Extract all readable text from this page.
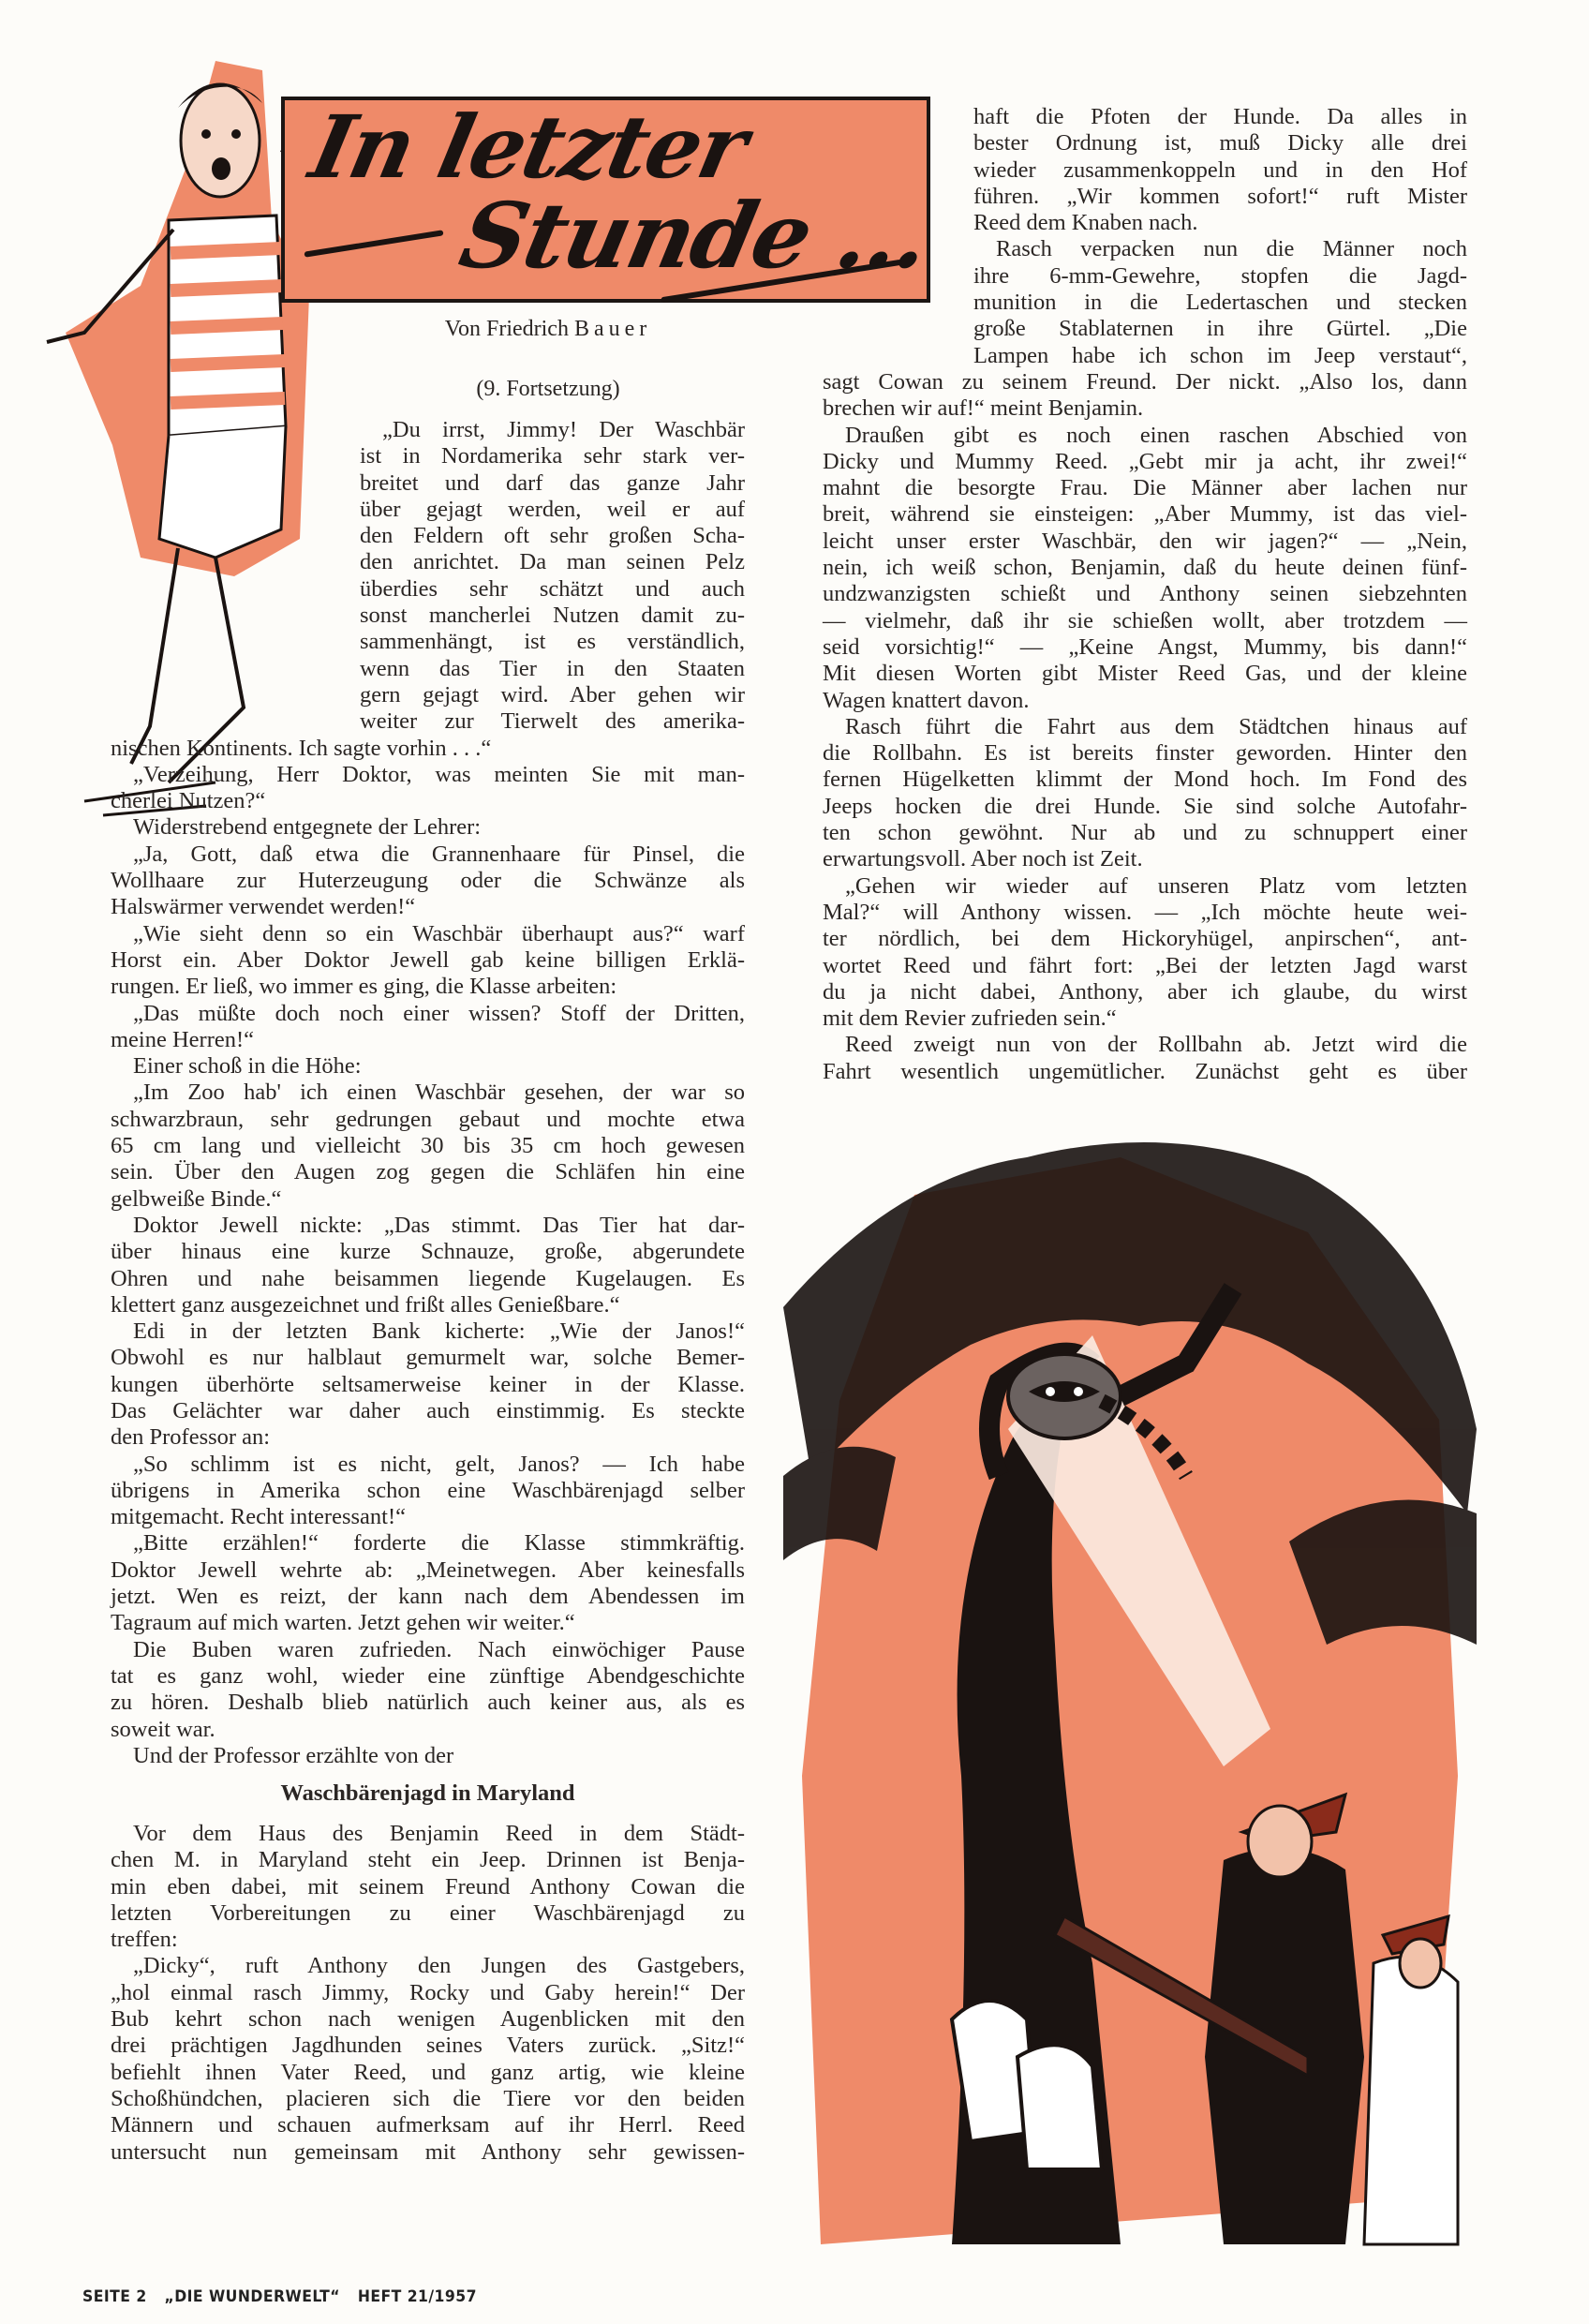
In letzter
Stunde ...
Von Friedrich Bauer
(9. Fortsetzung)
„Du irrst, Jimmy! Der Waschbär
ist in Nordamerika sehr stark ver-
breitet und darf das ganze Jahr
über gejagt werden, weil er auf
den Feldern oft sehr großen Scha-
den anrichtet. Da man seinen Pelz
überdies sehr schätzt und auch
sonst mancherlei Nutzen damit zu-
sammenhängt, ist es verständlich,
wenn das Tier in den Staaten
gern gejagt wird. Aber gehen wir
weiter zur Tierwelt des amerika-
nischen Kontinents. Ich sagte vorhin . . .“
„Verzeihung, Herr Doktor, was meinten Sie mit man-
cherlei Nutzen?“
Widerstrebend entgegnete der Lehrer:
„Ja, Gott, daß etwa die Grannenhaare für Pinsel, die
Wollhaare zur Huterzeugung oder die Schwänze als
Halswärmer verwendet werden!“
„Wie sieht denn so ein Waschbär überhaupt aus?“ warf
Horst ein. Aber Doktor Jewell gab keine billigen Erklä-
rungen. Er ließ, wo immer es ging, die Klasse arbeiten:
„Das müßte doch noch einer wissen? Stoff der Dritten,
meine Herren!“
Einer schoß in die Höhe:
„Im Zoo hab' ich einen Waschbär gesehen, der war so
schwarzbraun, sehr gedrungen gebaut und mochte etwa
65 cm lang und vielleicht 30 bis 35 cm hoch gewesen
sein. Über den Augen zog gegen die Schläfen hin eine
gelbweiße Binde.“
Doktor Jewell nickte: „Das stimmt. Das Tier hat dar-
über hinaus eine kurze Schnauze, große, abgerundete
Ohren und nahe beisammen liegende Kugelaugen. Es
klettert ganz ausgezeichnet und frißt alles Genießbare.“
Edi in der letzten Bank kicherte: „Wie der Janos!“
Obwohl es nur halblaut gemurmelt war, solche Bemer-
kungen überhörte seltsamerweise keiner in der Klasse.
Das Gelächter war daher auch einstimmig. Es steckte
den Professor an:
„So schlimm ist es nicht, gelt, Janos? — Ich habe
übrigens in Amerika schon eine Waschbärenjagd selber
mitgemacht. Recht interessant!“
„Bitte erzählen!“ forderte die Klasse stimmkräftig.
Doktor Jewell wehrte ab: „Meinetwegen. Aber keinesfalls
jetzt. Wen es reizt, der kann nach dem Abendessen im
Tagraum auf mich warten. Jetzt gehen wir weiter.“
Die Buben waren zufrieden. Nach einwöchiger Pause
tat es ganz wohl, wieder eine zünftige Abendgeschichte
zu hören. Deshalb blieb natürlich auch keiner aus, als es
soweit war.
Und der Professor erzählte von der
Waschbärenjagd in Maryland
Vor dem Haus des Benjamin Reed in dem Städt-
chen M. in Maryland steht ein Jeep. Drinnen ist Benja-
min eben dabei, mit seinem Freund Anthony Cowan die
letzten Vorbereitungen zu einer Waschbärenjagd zu
treffen:
„Dicky“, ruft Anthony den Jungen des Gastgebers,
„hol einmal rasch Jimmy, Rocky und Gaby herein!“ Der
Bub kehrt schon nach wenigen Augenblicken mit den
drei prächtigen Jagdhunden seines Vaters zurück. „Sitz!“
befiehlt ihnen Vater Reed, und ganz artig, wie kleine
Schoßhündchen, placieren sich die Tiere vor den beiden
Männern und schauen aufmerksam auf ihr Herrl. Reed
untersucht nun gemeinsam mit Anthony sehr gewissen-
haft die Pfoten der Hunde. Da alles in
bester Ordnung ist, muß Dicky alle drei
wieder zusammenkoppeln und in den Hof
führen. „Wir kommen sofort!“ ruft Mister
Reed dem Knaben nach.
Rasch verpacken nun die Männer noch
ihre 6-mm-Gewehre, stopfen die Jagd-
munition in die Ledertaschen und stecken
große Stablaternen in ihre Gürtel. „Die
Lampen habe ich schon im Jeep verstaut“,
sagt Cowan zu seinem Freund. Der nickt. „Also los, dann
brechen wir auf!“ meint Benjamin.
Draußen gibt es noch einen raschen Abschied von
Dicky und Mummy Reed. „Gebt mir ja acht, ihr zwei!“
mahnt die besorgte Frau. Die Männer aber lachen nur
breit, während sie einsteigen: „Aber Mummy, ist das viel-
leicht unser erster Waschbär, den wir jagen?“ — „Nein,
nein, ich weiß schon, Benjamin, daß du heute deinen fünf-
undzwanzigsten schießt und Anthony seinen siebzehnten
— vielmehr, daß ihr sie schießen wollt, aber trotzdem —
seid vorsichtig!“ — „Keine Angst, Mummy, bis dann!“
Mit diesen Worten gibt Mister Reed Gas, und der kleine
Wagen knattert davon.
Rasch führt die Fahrt aus dem Städtchen hinaus auf
die Rollbahn. Es ist bereits finster geworden. Hinter den
fernen Hügelketten klimmt der Mond hoch. Im Fond des
Jeeps hocken die drei Hunde. Sie sind solche Autofahr-
ten schon gewöhnt. Nur ab und zu schnuppert einer
erwartungsvoll. Aber noch ist Zeit.
„Gehen wir wieder auf unseren Platz vom letzten
Mal?“ will Anthony wissen. — „Ich möchte heute wei-
ter nördlich, bei dem Hickoryhügel, anpirschen“, ant-
wortet Reed und fährt fort: „Bei der letzten Jagd warst
du ja nicht dabei, Anthony, aber ich glaube, du wirst
mit dem Revier zufrieden sein.“
Reed zweigt nun von der Rollbahn ab. Jetzt wird die
Fahrt wesentlich ungemütlicher. Zunächst geht es über
SEITE 2 „DIE WUNDERWELT“ HEFT 21/1957
